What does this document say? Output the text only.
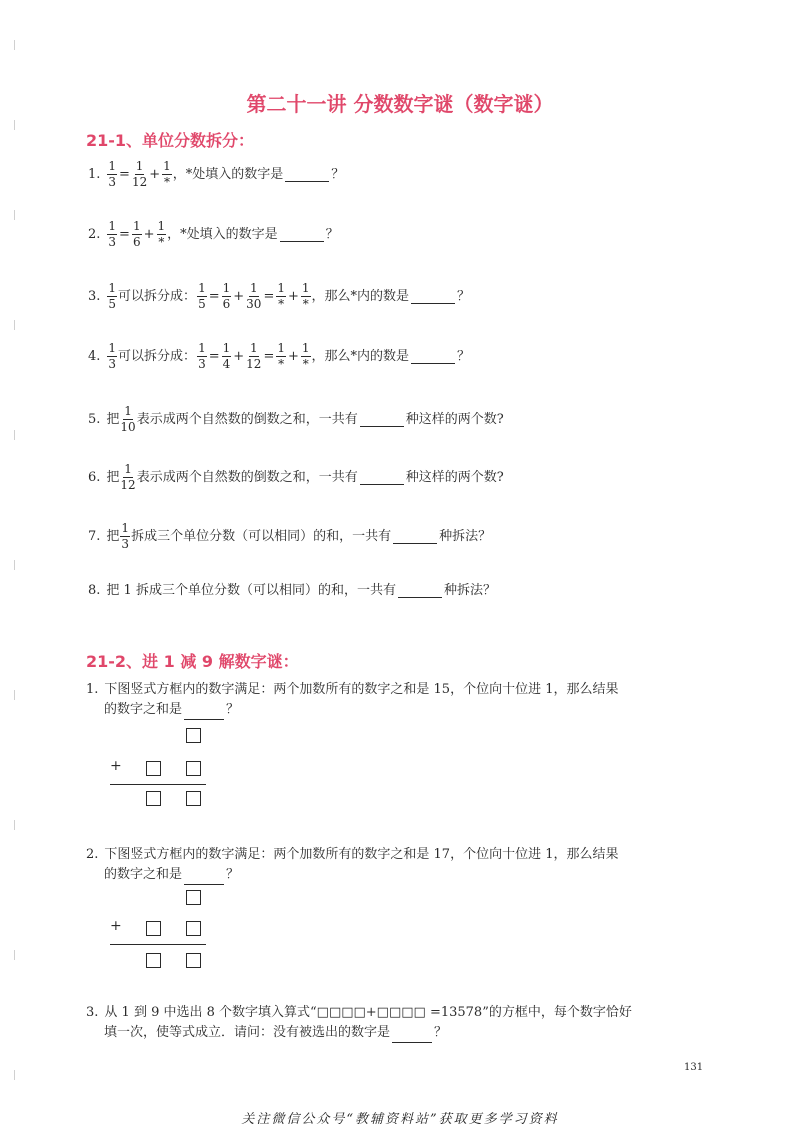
第二十一讲 分数数字谜（数字谜）
21-1、单位分数拆分：
1. $\frac{1}{3} = \frac{1}{12} + \frac{1}{*}$ ，*处填入的数字是	？
2. $\frac{1}{3} = \frac{1}{6} + \frac{1}{*}$ ，*处填入的数字是	？
3. $\frac{1}{5}$ 可以拆分成： $\frac{1}{5} = \frac{1}{6} + \frac{1}{30} = \frac{1}{*} + \frac{1}{*}$ ，那么*内的数是	？
4. $\frac{1}{3}$ 可以拆分成： $\frac{1}{3} = \frac{1}{4} + \frac{1}{12} = \frac{1}{*} + \frac{1}{*}$ ，那么*内的数是	？
5. 把 $\frac{1}{10}$ 表示成两个自然数的倒数之和，一共有	种这样的两个数?
6. 把 $\frac{1}{12}$ 表示成两个自然数的倒数之和，一共有	种这样的两个数?
7. 把 $\frac{1}{3}$ 拆成三个单位分数（可以相同）的和，一共有	种拆法？
8. 把 1 拆成三个单位分数（可以相同）的和，一共有	种拆法？
21-2、进 1 减 9 解数字谜：
1. 下图竖式方框内的数字满足：两个加数所有的数字之和是 15，个位向十位进 1，那么结果
的数字之和是	？
+
2. 下图竖式方框内的数字满足：两个加数所有的数字之和是 17，个位向十位进 1，那么结果
的数字之和是	？
+
3. 从 1 到 9 中选出 8 个数字填入算式“□□□□+□□□□ =13578”的方框中，每个数字恰好
填一次，使等式成立．请问：没有被选出的数字是	？
131
关注微信公众号“教辅资料站”获取更多学习资料
